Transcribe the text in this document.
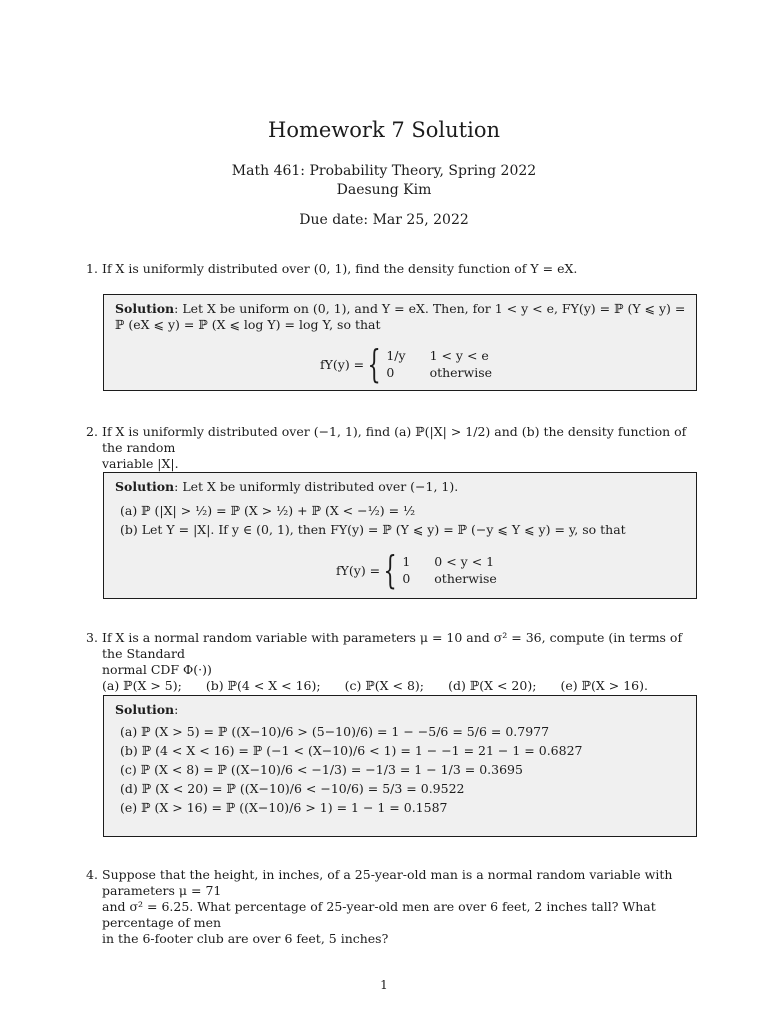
Homework 7 Solution
Math 461: Probability Theory, Spring 2022
Daesung Kim
Due date: Mar 25, 2022
1. If X is uniformly distributed over (0, 1), find the density function of Y = eX.
Solution: Let X be uniform on (0, 1), and Y = eX. Then, for 1 < y < e, FY(y) = ℙ (Y ⩽ y) =
ℙ (eX ⩽ y) = ℙ (X ⩽ log Y) = log Y, so that
fY(y) = { 1/y	1 < y < e
0	otherwise
2. If X is uniformly distributed over (−1, 1), find (a) ℙ(|X| > 1/2) and (b) the density function of the random
variable |X|.
Solution: Let X be uniformly distributed over (−1, 1).
(a) ℙ (|X| > ½) = ℙ (X > ½) + ℙ (X < −½) = ½
(b) Let Y = |X|. If y ∈ (0, 1), then FY(y) = ℙ (Y ⩽ y) = ℙ (−y ⩽ Y ⩽ y) = y, so that
fY(y) = { 1	0 < y < 1
0	otherwise
3. If X is a normal random variable with parameters μ = 10 and σ² = 36, compute (in terms of the Standard
normal CDF Φ(·))
(a) ℙ(X > 5); (b) ℙ(4 < X < 16); (c) ℙ(X < 8); (d) ℙ(X < 20); (e) ℙ(X > 16).
Solution:
(a) ℙ (X > 5) = ℙ ((X−10)/6 > (5−10)/6) = 1 − −5/6 = 5/6 = 0.7977
(b) ℙ (4 < X < 16) = ℙ (−1 < (X−10)/6 < 1) = 1 − −1 = 21 − 1 = 0.6827
(c) ℙ (X < 8) = ℙ ((X−10)/6 < −1/3) = −1/3 = 1 − 1/3 = 0.3695
(d) ℙ (X < 20) = ℙ ((X−10)/6 < −10/6) = 5/3 = 0.9522
(e) ℙ (X > 16) = ℙ ((X−10)/6 > 1) = 1 − 1 = 0.1587
4. Suppose that the height, in inches, of a 25-year-old man is a normal random variable with parameters μ = 71
and σ² = 6.25. What percentage of 25-year-old men are over 6 feet, 2 inches tall? What percentage of men
in the 6-footer club are over 6 feet, 5 inches?
1
